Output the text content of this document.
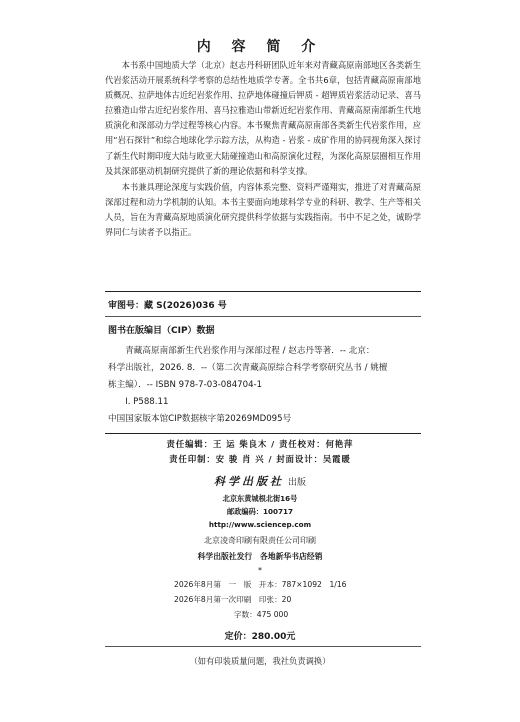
内 容 简 介

本书系中国地质大学（北京）赵志丹科研团队近年来对青藏高原南部地区各类新生代岩浆活动开展系统科学考察的总结性地质学专著。全书共6章，包括青藏高原南部地质概况、拉萨地体古近纪岩浆作用、拉萨地体碰撞后钾质 - 超钾质岩浆活动记录、喜马拉雅造山带古近纪岩浆作用、喜马拉雅造山带新近纪岩浆作用、青藏高原南部新生代地质演化和深部动力学过程等核心内容。本书聚焦青藏高原南部各类新生代岩浆作用，应用“岩石探针”和综合地球化学示踪方法，从构造 - 岩浆 - 成矿作用的协同视角深入探讨了新生代时期印度大陆与欧亚大陆碰撞造山和高原演化过程，为深化高原层圈相互作用及其深部驱动机制研究提供了新的理论依据和科学支撑。

本书兼具理论深度与实践价值，内容体系完整、资料严谨翔实，推进了对青藏高原深部过程和动力学机制的认知。本书主要面向地球科学专业的科研、教学、生产等相关人员，旨在为青藏高原地质演化研究提供科学依据与实践指南。书中不足之处，诚盼学界同仁与读者予以指正。

审图号：藏 S(2026)036 号
图书在版编目（CIP）数据
青藏高原南部新生代岩浆作用与深部过程 / 赵志丹等著．-- 北京：
科学出版社，2026. 8．--（第二次青藏高原综合科学考察研究丛书 / 姚檀
栋主编）．-- ISBN 978-7-03-084704-1
Ⅰ. P588.11
中国国家版本馆CIP数据核字第20269MD095号
责任编辑：王 运 柴良木 / 责任校对：何艳萍
责任印制：安 骏 肖 兴 / 封面设计：吴霞暖
科学出版社 出版
北京东黄城根北街16号
邮政编码：100717
http://www.sciencep.com
北京凌奇印刷有限责任公司印刷
科学出版社发行　各地新华书店经销
*
2026年8月第　一　版　开本：787×1092　1/16
2026年8月第一次印刷　印张：20
字数：475 000
定价：280.00元
（如有印装质量问题，我社负责调换）
